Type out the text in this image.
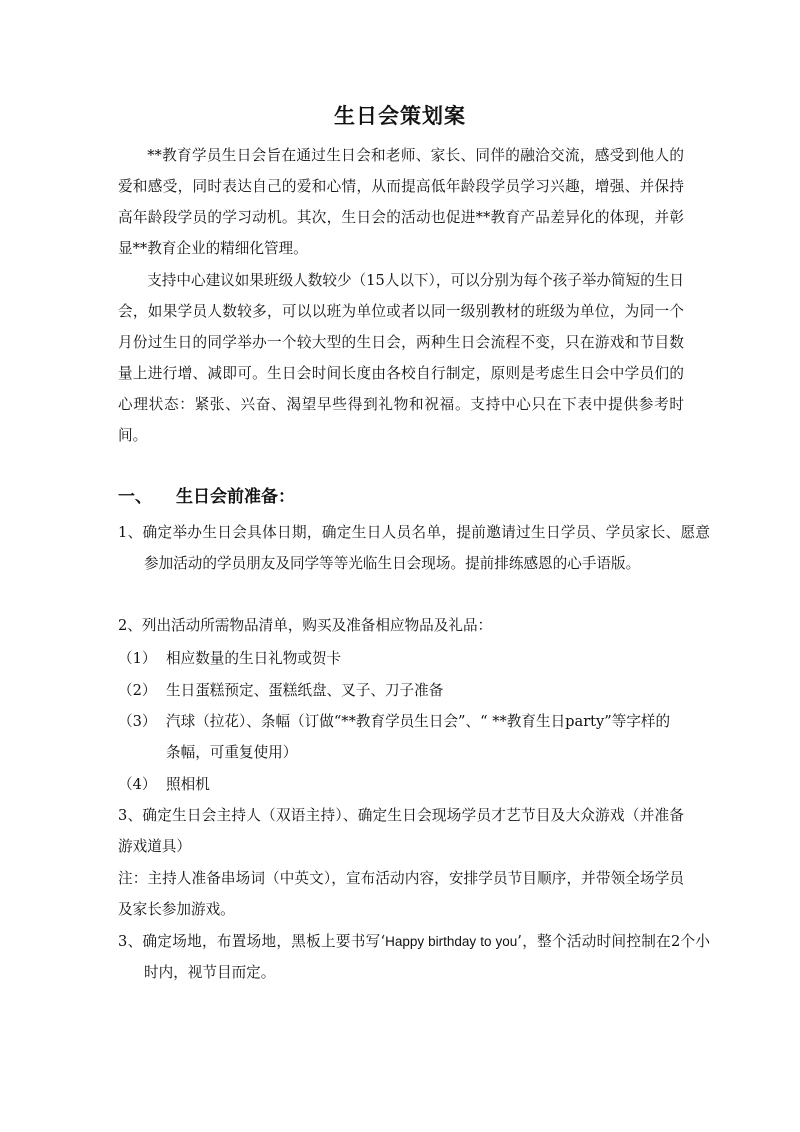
生日会策划案

**教育学员生日会旨在通过生日会和老师、家长、同伴的融洽交流，感受到他人的爱和感受，同时表达自己的爱和心情，从而提高低年龄段学员学习兴趣，增强、并保持高年龄段学员的学习动机。其次，生日会的活动也促进**教育产品差异化的体现，并彰显**教育企业的精细化管理。

支持中心建议如果班级人数较少（15人以下），可以分别为每个孩子举办简短的生日会，如果学员人数较多，可以以班为单位或者以同一级别教材的班级为单位，为同一个月份过生日的同学举办一个较大型的生日会，两种生日会流程不变，只在游戏和节目数量上进行增、减即可。生日会时间长度由各校自行制定，原则是考虑生日会中学员们的心理状态：紧张、兴奋、渴望早些得到礼物和祝福。支持中心只在下表中提供参考时间。

一、 生日会前准备：

1、确定举办生日会具体日期，确定生日人员名单，提前邀请过生日学员、学员家长、愿意参加活动的学员朋友及同学等等光临生日会现场。提前排练感恩的心手语版。

2、列出活动所需物品清单，购买及准备相应物品及礼品：

（1） 相应数量的生日礼物或贺卡
（2） 生日蛋糕预定、蛋糕纸盘、叉子、刀子准备
（3） 汽球（拉花）、条幅（订做“**教育学员生日会”、“ **教育生日party”等字样的条幅，可重复使用）
（4） 照相机

3、确定生日会主持人（双语主持）、确定生日会现场学员才艺节目及大众游戏（并准备游戏道具）

注：主持人准备串场词（中英文），宣布活动内容，安排学员节目顺序，并带领全场学员及家长参加游戏。

3、确定场地，布置场地，黑板上要书写‘Happy birthday to you’，整个活动时间控制在2个小时内，视节目而定。
